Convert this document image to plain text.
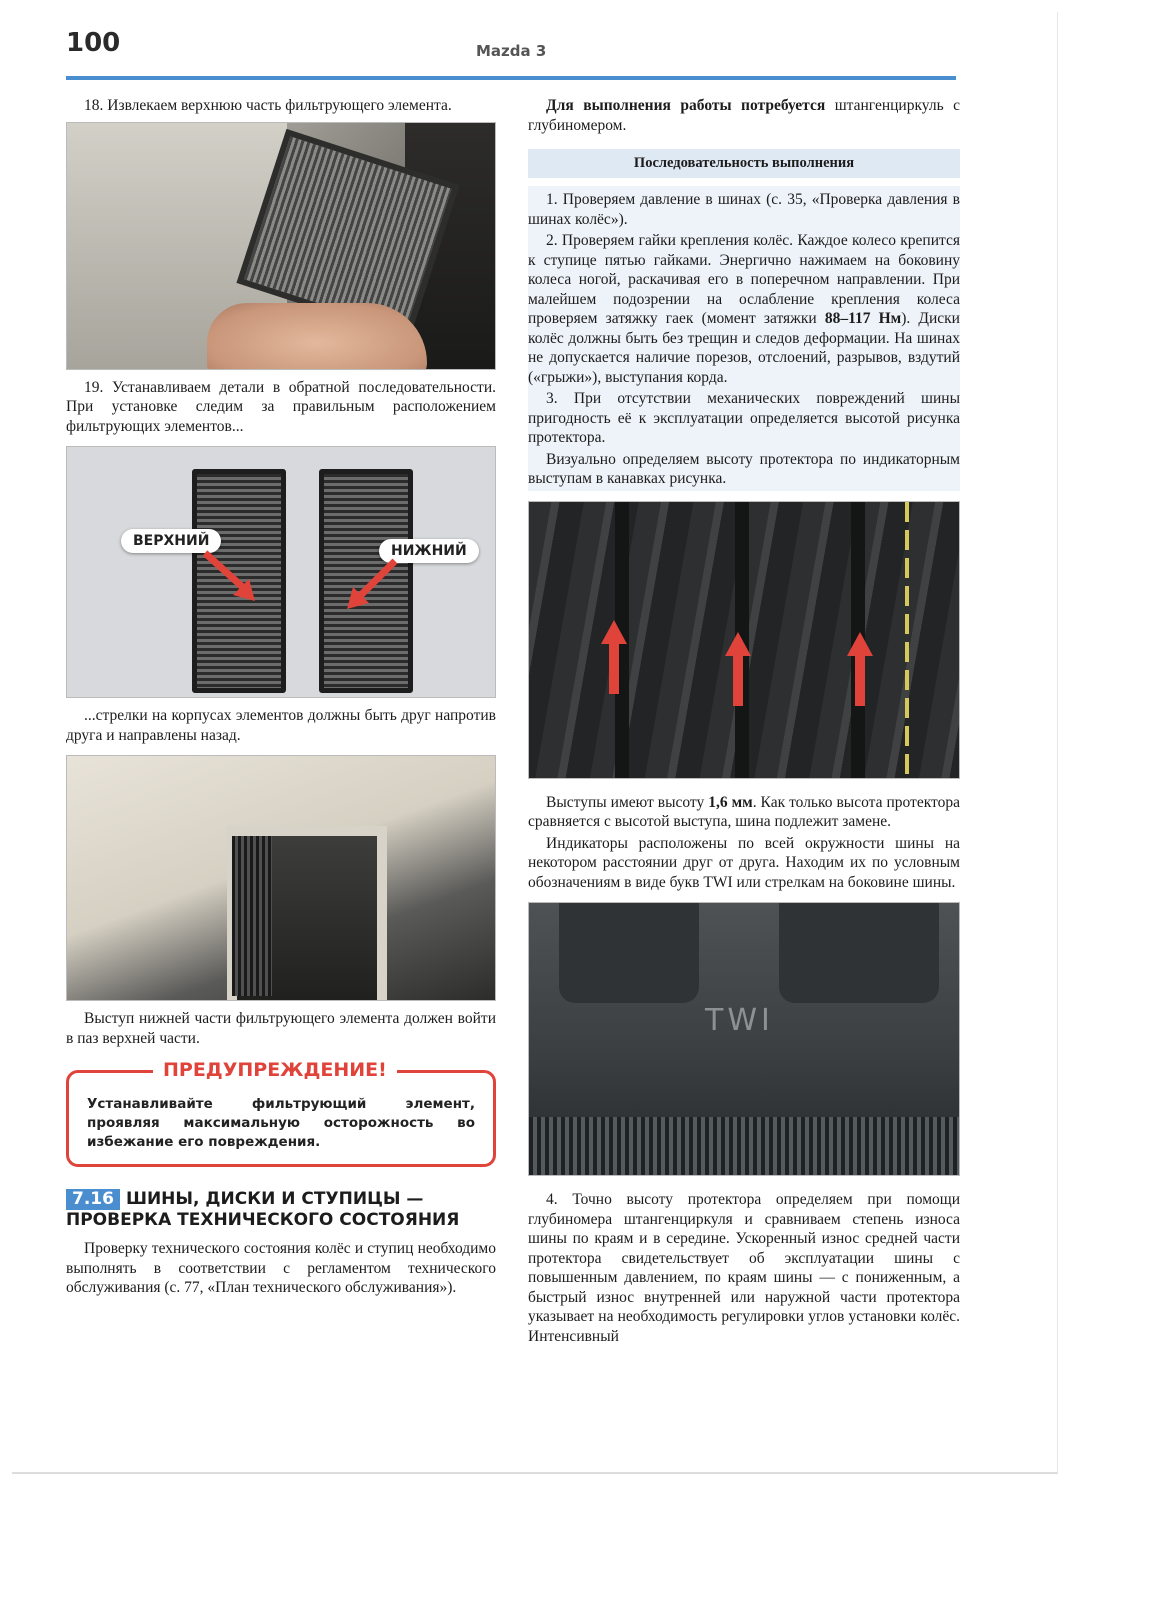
100	Mazda 3

18. Извлекаем верхнюю часть фильтрующего элемента.

19. Устанавливаем детали в обратной последовательности. При установке следим за правильным расположением фильтрующих элементов...

ВЕРХНИЙ
НИЖНИЙ

...стрелки на корпусах элементов должны быть друг напротив друга и направлены назад.

Выступ нижней части фильтрующего элемента должен войти в паз верхней части.

ПРЕДУПРЕЖДЕНИЕ!
Устанавливайте фильтрующий элемент, проявляя максимальную осторожность во избежание его повреждения.
7.16 ШИНЫ, ДИСКИ И СТУПИЦЫ — ПРОВЕРКА ТЕХНИЧЕСКОГО СОСТОЯНИЯ

Проверку технического состояния колёс и ступиц необходимо выполнять в соответствии с регламентом технического обслуживания (с. 77, «План технического обслуживания»).

Для выполнения работы потребуется штангенциркуль с глубиномером.

Последовательность выполнения

1. Проверяем давление в шинах (с. 35, «Проверка давления в шинах колёс»).

2. Проверяем гайки крепления колёс. Каждое колесо крепится к ступице пятью гайками. Энергично нажимаем на боковину колеса ногой, раскачивая его в поперечном направлении. При малейшем подозрении на ослабление крепления колеса проверяем затяжку гаек (момент затяжки 88–117 Нм). Диски колёс должны быть без трещин и следов деформации. На шинах не допускается наличие порезов, отслоений, разрывов, вздутий («грыжи»), выступания корда.

3. При отсутствии механических повреждений шины пригодность её к эксплуатации определяется высотой рисунка протектора.

Визуально определяем высоту протектора по индикаторным выступам в канавках рисунка.

Выступы имеют высоту 1,6 мм. Как только высота протектора сравняется с высотой выступа, шина подлежит замене.

Индикаторы расположены по всей окружности шины на некотором расстоянии друг от друга. Находим их по условным обозначениям в виде букв TWI или стрелкам на боковине шины.

TWI

4. Точно высоту протектора определяем при помощи глубиномера штангенциркуля и сравниваем степень износа шины по краям и в середине. Ускоренный износ средней части протектора свидетельствует об эксплуатации шины с повышенным давлением, по краям шины — с пониженным, а быстрый износ внутренней или наружной части протектора указывает на необходимость регулировки углов установки колёс. Интенсивный
